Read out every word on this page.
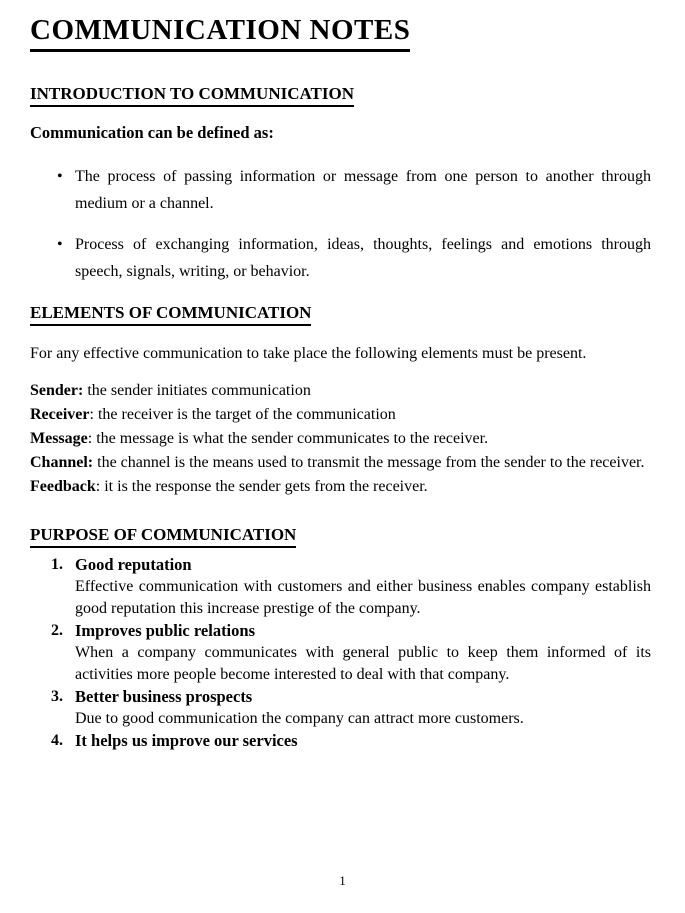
COMMUNICATION NOTES
INTRODUCTION TO COMMUNICATION

Communication can be defined as:

• The process of passing information or message from one person to another through medium or a channel.
• Process of exchanging information, ideas, thoughts, feelings and emotions through speech, signals, writing, or behavior.
ELEMENTS OF COMMUNICATION

For any effective communication to take place the following elements must be present.

Sender: the sender initiates communication

Receiver: the receiver is the target of the communication

Message: the message is what the sender communicates to the receiver.

Channel: the channel is the means used to transmit the message from the sender to the receiver.

Feedback: it is the response the sender gets from the receiver.

PURPOSE OF COMMUNICATION
1. Good reputation

Effective communication with customers and either business enables company establish good reputation this increase prestige of the company.

2. Improves public relations

When a company communicates with general public to keep them informed of its activities more people become interested to deal with that company.

3. Better business prospects

Due to good communication the company can attract more customers.

4. It helps us improve our services
1
